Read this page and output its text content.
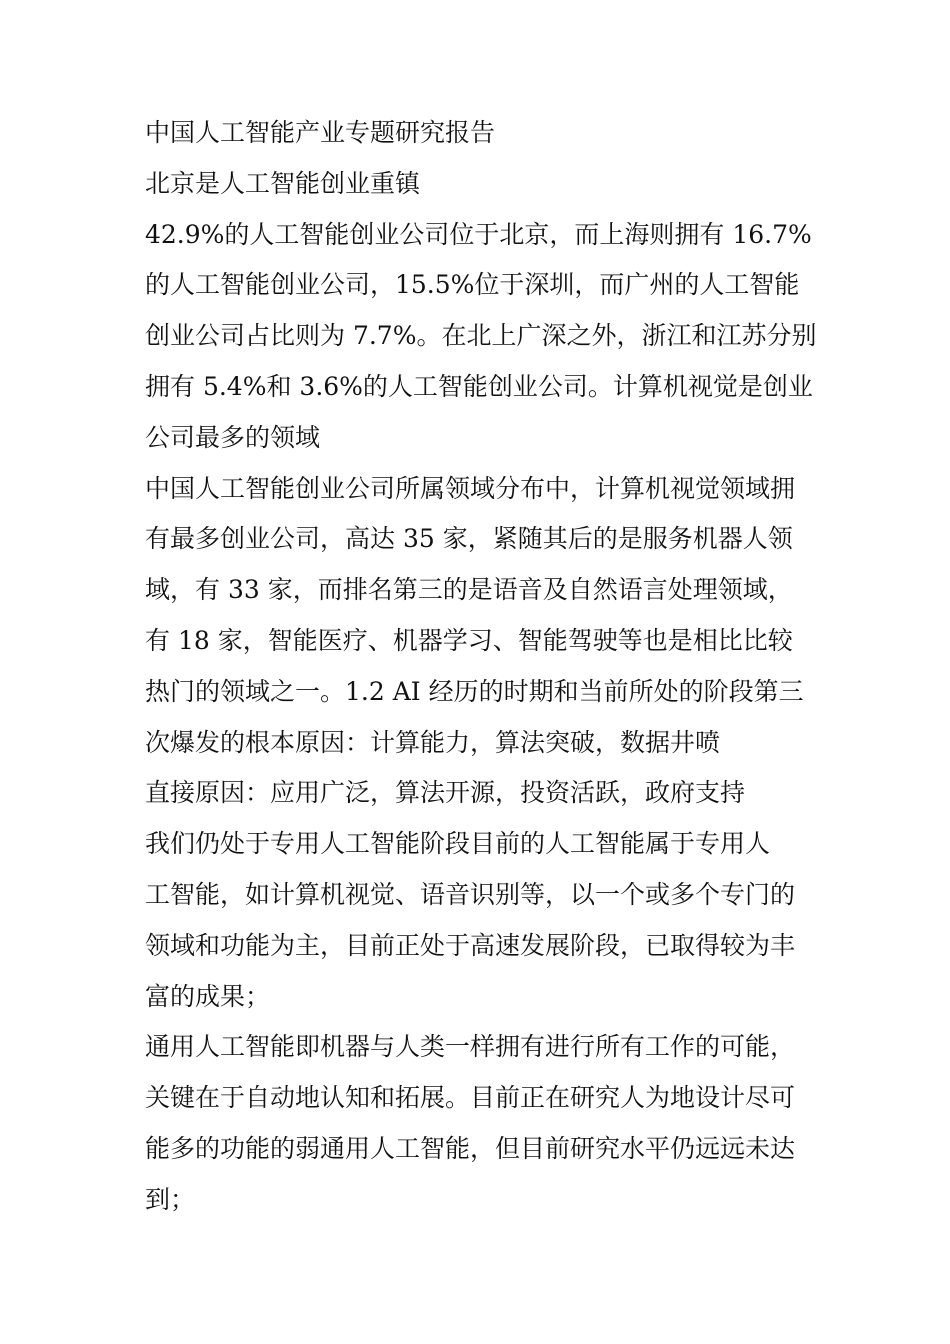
中国人工智能产业专题研究报告
北京是人工智能创业重镇
42.9%的人工智能创业公司位于北京，而上海则拥有 16.7%
的人工智能创业公司，15.5%位于深圳，而广州的人工智能
创业公司占比则为 7.7%。在北上广深之外，浙江和江苏分别
拥有 5.4%和 3.6%的人工智能创业公司。计算机视觉是创业
公司最多的领域
中国人工智能创业公司所属领域分布中，计算机视觉领域拥
有最多创业公司，高达 35 家，紧随其后的是服务机器人领
域，有 33 家，而排名第三的是语音及自然语言处理领域，
有 18 家，智能医疗、机器学习、智能驾驶等也是相比比较
热门的领域之一。1.2 AI 经历的时期和当前所处的阶段第三
次爆发的根本原因：计算能力，算法突破，数据井喷
直接原因：应用广泛，算法开源，投资活跃，政府支持
我们仍处于专用人工智能阶段目前的人工智能属于专用人
工智能，如计算机视觉、语音识别等，以一个或多个专门的
领域和功能为主，目前正处于高速发展阶段，已取得较为丰
富的成果；
通用人工智能即机器与人类一样拥有进行所有工作的可能，
关键在于自动地认知和拓展。目前正在研究人为地设计尽可
能多的功能的弱通用人工智能，但目前研究水平仍远远未达
到；
